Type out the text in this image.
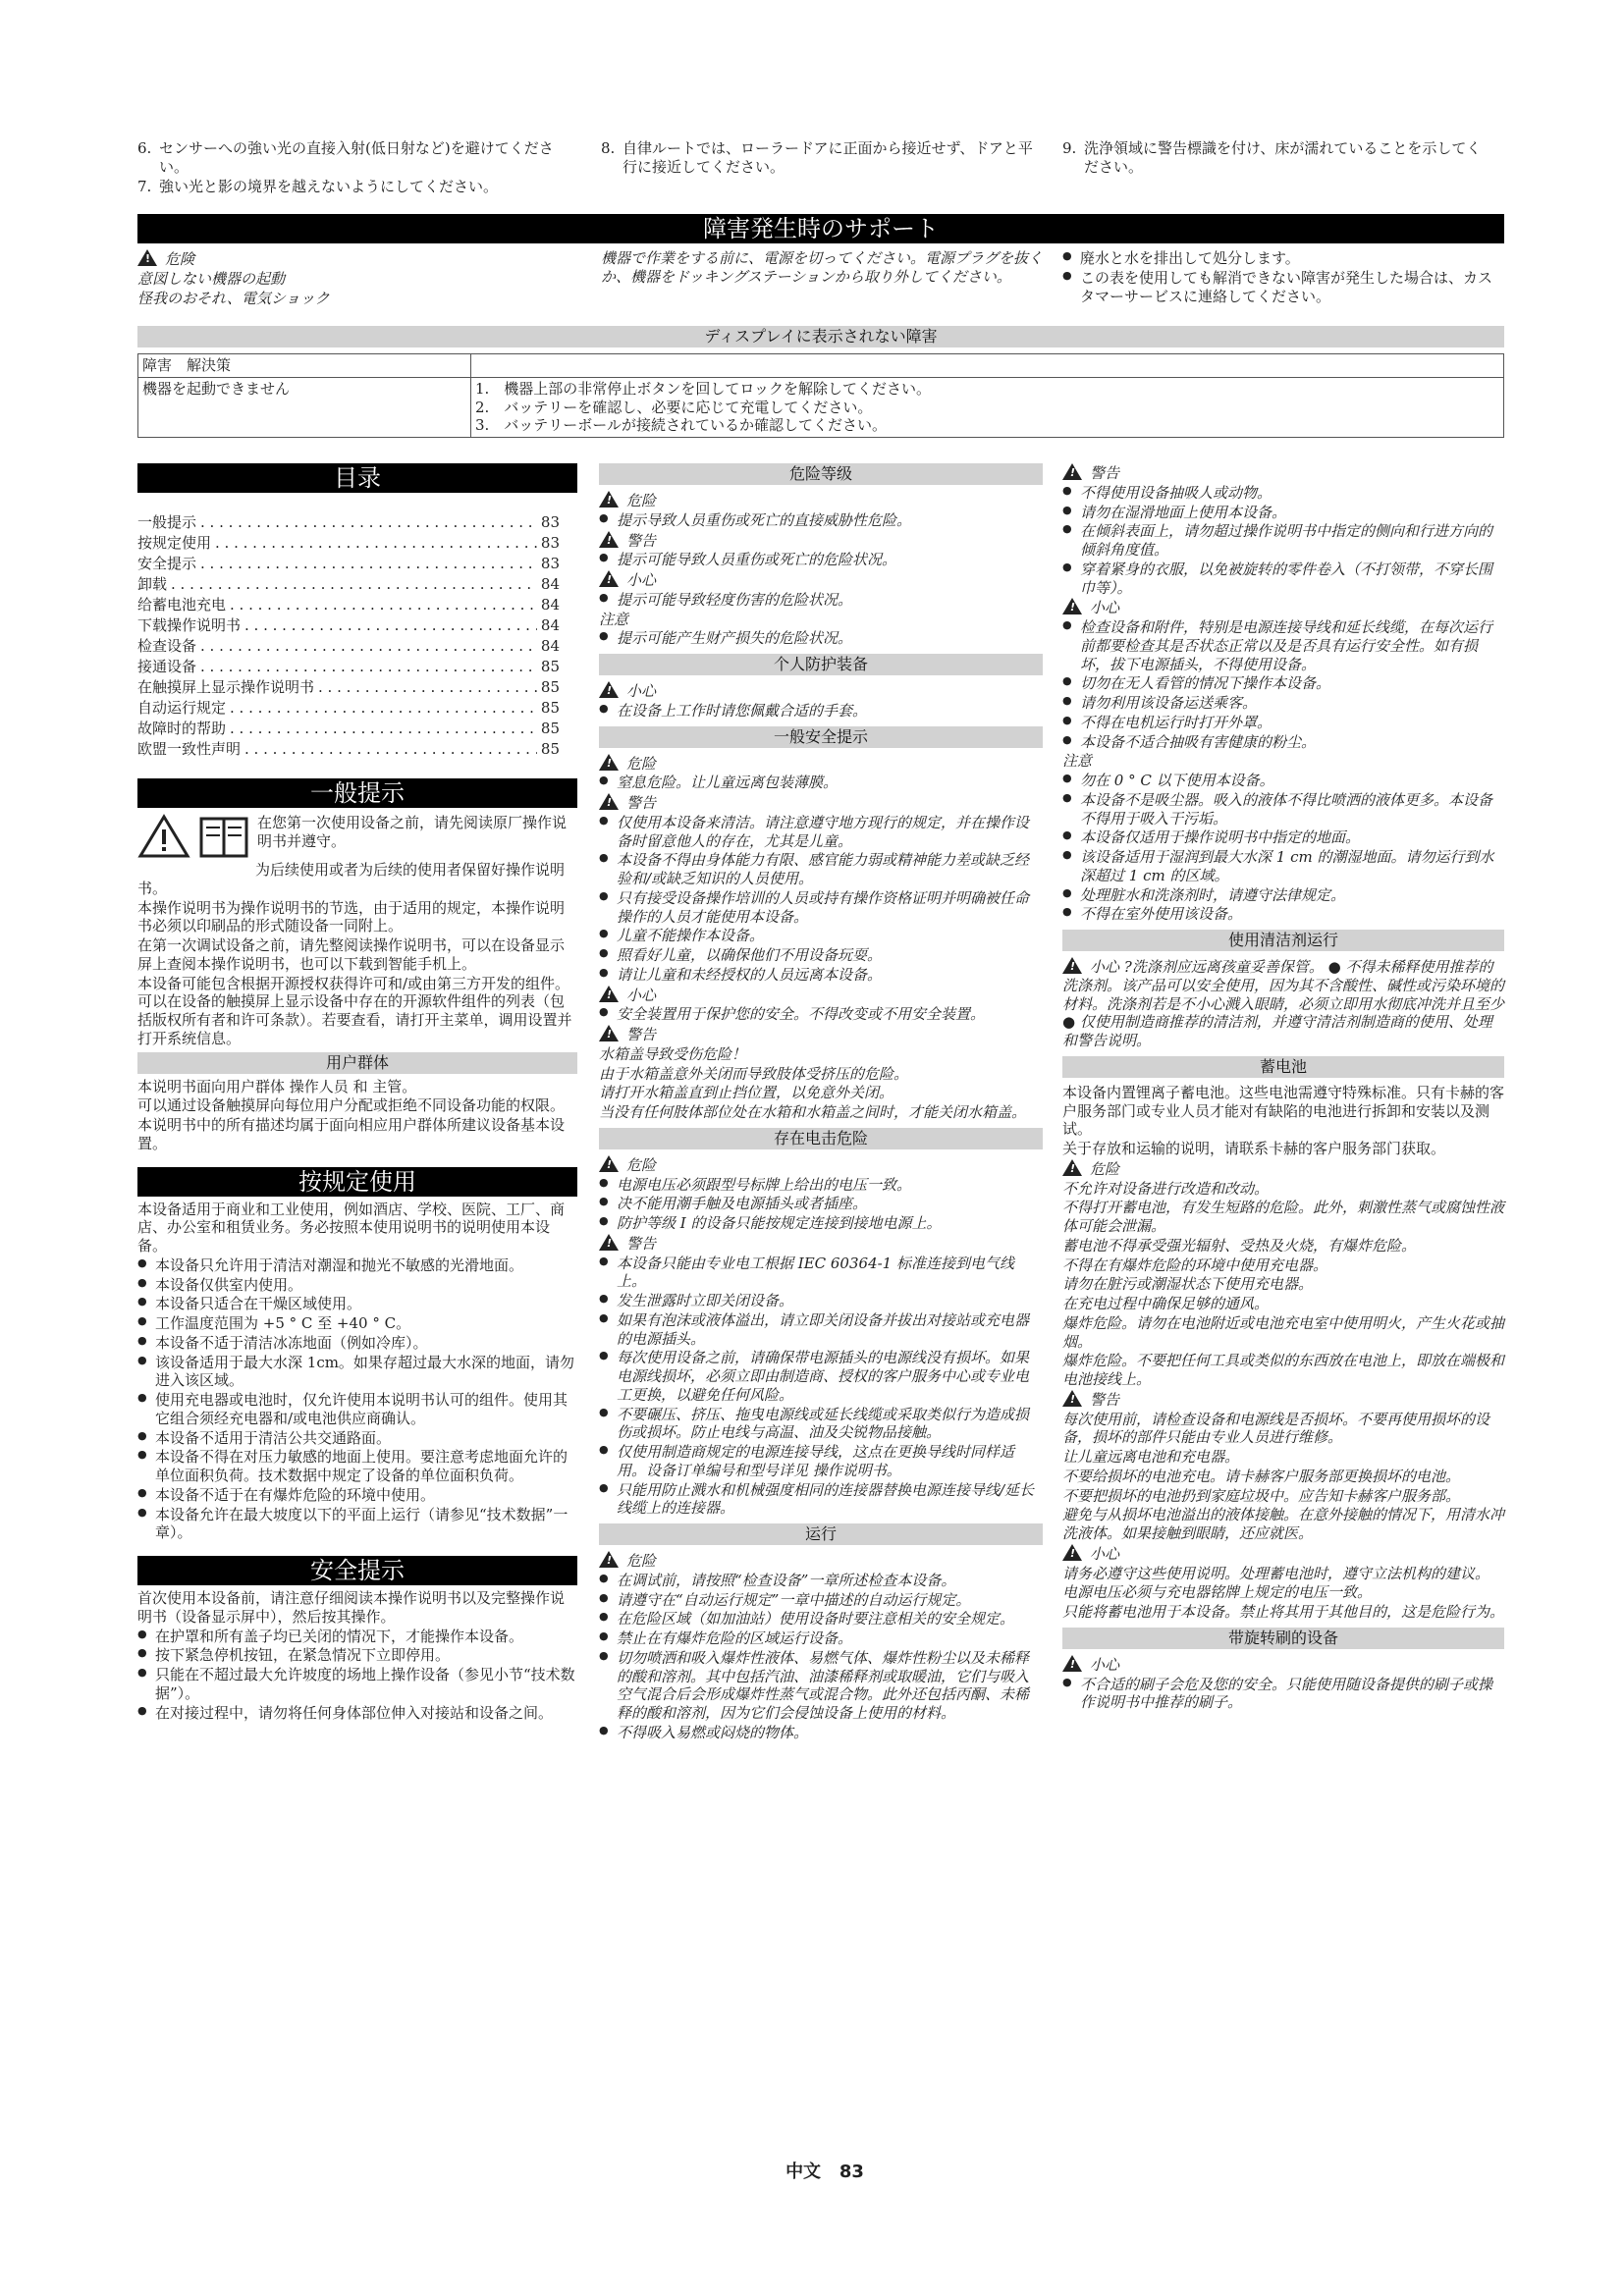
6. センサーへの強い光の直接入射(低日射など)を避けてください。
7. 強い光と影の境界を越えないようにしてください。
8. 自律ルートでは、ローラードアに正面から接近せず、ドアと平行に接近してください。
9. 洗浄領域に警告標識を付け、床が濡れていることを示してください。
障害発生時のサポート
!危険
意図しない機器の起動
怪我のおそれ、電気ショック
機器で作業をする前に、電源を切ってください。電源プラグを抜くか、機器をドッキングステーションから取り外してください。
● 廃水と水を排出して処分します。
● この表を使用しても解消できない障害が発生した場合は、カスタマーサービスに連絡してください。
ディスプレイに表示されない障害
障害　解決策	
機器を起動できません	1.　機器上部の非常停止ボタンを回してロックを解除してください。
2.　バッテリーを確認し、必要に応じて充電してください。
3.　バッテリーボールが接続されているか確認してください。
目录
一般提示 . . .	83
按规定使用 . . .	83
安全提示 . . .	83
卸载 . . .	84
给蓄电池充电 . . .	84
下载操作说明书 . . .	84
检查设备 . . .	84
接通设备 . . .	85
在触摸屏上显示操作说明书 . . .	85
自动运行规定 . . .	85
故障时的帮助 . . .	85
欧盟一致性声明 . . .	85
一般提示
在您第一次使用设备之前，请先阅读原厂操作说明书并遵守。

为后续使用或者为后续的使用者保留好操作说明书。

本操作说明书为操作说明书的节选，由于适用的规定，本操作说明书必须以印刷品的形式随设备一同附上。

在第一次调试设备之前，请先整阅读操作说明书，可以在设备显示屏上查阅本操作说明书，也可以下载到智能手机上。

本设备可能包含根据开源授权获得许可和/或由第三方开发的组件。可以在设备的触摸屏上显示设备中存在的开源软件组件的列表（包括版权所有者和许可条款）。若要查看，请打开主菜单，调用设置并打开系统信息。

用户群体

本说明书面向用户群体 操作人员 和 主管。

可以通过设备触摸屏向每位用户分配或拒绝不同设备功能的权限。

本说明书中的所有描述均属于面向相应用户群体所建议设备基本设置。

按规定使用

本设备适用于商业和工业使用，例如酒店、学校、医院、工厂、商店、办公室和租赁业务。务必按照本使用说明书的说明使用本设备。

● 本设备只允许用于清洁对潮湿和抛光不敏感的光滑地面。
● 本设备仅供室内使用。
● 本设备只适合在干燥区域使用。
● 工作温度范围为 +5 ° C 至 +40 ° C。
● 本设备不适于清洁冰冻地面（例如冷库）。
● 该设备适用于最大水深 1cm。如果存超过最大水深的地面，请勿进入该区域。
● 使用充电器或电池时，仅允许使用本说明书认可的组件。使用其它组合须经充电器和/或电池供应商确认。
● 本设备不适用于清洁公共交通路面。
● 本设备不得在对压力敏感的地面上使用。要注意考虑地面允许的单位面积负荷。技术数据中规定了设备的单位面积负荷。
● 本设备不适于在有爆炸危险的环境中使用。
● 本设备允许在最大坡度以下的平面上运行（请参见“技术数据”一章）。
安全提示

首次使用本设备前，请注意仔细阅读本操作说明书以及完整操作说明书（设备显示屏中），然后按其操作。

● 在护罩和所有盖子均已关闭的情况下，才能操作本设备。
● 按下紧急停机按钮，在紧急情况下立即停用。
● 只能在不超过最大允许坡度的场地上操作设备（参见小节“技术数据”）。
● 在对接过程中，请勿将任何身体部位伸入对接站和设备之间。
危险等级
!危险
● 提示导致人员重伤或死亡的直接威胁性危险。
!警告
● 提示可能导致人员重伤或死亡的危险状况。
!小心
● 提示可能导致轻度伤害的危险状况。
注意
● 提示可能产生财产损失的危险状况。
个人防护装备
!小心
● 在设备上工作时请您佩戴合适的手套。
一般安全提示
!危险
● 窒息危险。让儿童远离包装薄膜。
!警告
● 仅使用本设备来清洁。请注意遵守地方现行的规定，并在操作设备时留意他人的存在，尤其是儿童。
● 本设备不得由身体能力有限、感官能力弱或精神能力差或缺乏经验和/或缺乏知识的人员使用。
● 只有接受设备操作培训的人员或持有操作资格证明并明确被任命操作的人员才能使用本设备。
● 儿童不能操作本设备。
● 照看好儿童，以确保他们不用设备玩耍。
● 请让儿童和未经授权的人员远离本设备。
!小心
● 安全装置用于保护您的安全。不得改变或不用安全装置。
!警告
水箱盖导致受伤危险！
由于水箱盖意外关闭而导致肢体受挤压的危险。
请打开水箱盖直到止挡位置，以免意外关闭。
当没有任何肢体部位处在水箱和水箱盖之间时，才能关闭水箱盖。
存在电击危险
!危险
● 电源电压必须跟型号标牌上给出的电压一致。
● 决不能用潮手触及电源插头或者插座。
● 防护等级 I 的设备只能按规定连接到接地电源上。
!警告
● 本设备只能由专业电工根据 IEC 60364-1 标准连接到电气线上。
● 发生泄露时立即关闭设备。
● 如果有泡沫或液体溢出，请立即关闭设备并拔出对接站或充电器的电源插头。
● 每次使用设备之前，请确保带电源插头的电源线没有损坏。如果电源线损坏，必须立即由制造商、授权的客户服务中心或专业电工更换，以避免任何风险。
● 不要碾压、挤压、拖曳电源线或延长线缆或采取类似行为造成损伤或损坏。防止电线与高温、油及尖锐物品接触。
● 仅使用制造商规定的电源连接导线，这点在更换导线时同样适用。设备订单编号和型号详见 操作说明书。
● 只能用防止溅水和机械强度相同的连接器替换电源连接导线/延长线缆上的连接器。
运行
!危险
● 在调试前，请按照“检查设备”一章所述检查本设备。
● 请遵守在“自动运行规定”一章中描述的自动运行规定。
● 在危险区域（如加油站）使用设备时要注意相关的安全规定。
● 禁止在有爆炸危险的区域运行设备。
● 切勿喷洒和吸入爆炸性液体、易燃气体、爆炸性粉尘以及未稀释的酸和溶剂。其中包括汽油、油漆稀释剂或取暖油，它们与吸入空气混合后会形成爆炸性蒸气或混合物。此外还包括丙酮、未稀释的酸和溶剂，因为它们会侵蚀设备上使用的材料。
● 不得吸入易燃或闷烧的物体。
!警告
● 不得使用设备抽吸人或动物。
● 请勿在湿滑地面上使用本设备。
● 在倾斜表面上，请勿超过操作说明书中指定的侧向和行进方向的倾斜角度值。
● 穿着紧身的衣服，以免被旋转的零件卷入（不打领带，不穿长围巾等）。
!小心
● 检查设备和附件，特别是电源连接导线和延长线缆，在每次运行前都要检查其是否状态正常以及是否具有运行安全性。如有损坏，拔下电源插头，不得使用设备。
● 切勿在无人看管的情况下操作本设备。
● 请勿利用该设备运送乘客。
● 不得在电机运行时打开外罩。
● 本设备不适合抽吸有害健康的粉尘。
注意
● 勿在 0 ° C 以下使用本设备。
● 本设备不是吸尘器。吸入的液体不得比喷洒的液体更多。本设备不得用于吸入干污垢。
● 本设备仅适用于操作说明书中指定的地面。
● 该设备适用于湿润到最大水深 1 cm 的潮湿地面。请勿运行到水深超过 1 cm 的区域。
● 处理脏水和洗涤剂时，请遵守法律规定。
● 不得在室外使用该设备。
使用清洁剂运行
!小心 ?洗涤剂应远离孩童妥善保管。 ● 不得未稀释使用推荐的洗涤剂。该产品可以安全使用，因为其不含酸性、碱性或污染环境的材料。洗涤剂若是不小心溅入眼睛，必须立即用水彻底冲洗并且至少 ● 仅使用制造商推荐的清洁剂，并遵守清洁剂制造商的使用、处理和警告说明。
蓄电池

本设备内置锂离子蓄电池。这些电池需遵守特殊标准。只有卡赫的客户服务部门或专业人员才能对有缺陷的电池进行拆卸和安装以及测试。

关于存放和运输的说明，请联系卡赫的客户服务部门获取。

!危险
不允许对设备进行改造和改动。
不得打开蓄电池，有发生短路的危险。此外，刺激性蒸气或腐蚀性液体可能会泄漏。
蓄电池不得承受强光辐射、受热及火烧，有爆炸危险。
不得在有爆炸危险的环境中使用充电器。
请勿在脏污或潮湿状态下使用充电器。
在充电过程中确保足够的通风。
爆炸危险。请勿在电池附近或电池充电室中使用明火，产生火花或抽烟。
爆炸危险。不要把任何工具或类似的东西放在电池上，即放在端极和电池接线上。
!警告
每次使用前，请检查设备和电源线是否损坏。不要再使用损坏的设备，损坏的部件只能由专业人员进行维修。
让儿童远离电池和充电器。
不要给损坏的电池充电。请卡赫客户服务部更换损坏的电池。
不要把损坏的电池扔到家庭垃圾中。应告知卡赫客户服务部。
避免与从损坏电池溢出的液体接触。在意外接触的情况下，用清水冲洗液体。如果接触到眼睛，还应就医。
!小心
请务必遵守这些使用说明。处理蓄电池时，遵守立法机构的建议。
电源电压必须与充电器铭牌上规定的电压一致。
只能将蓄电池用于本设备。禁止将其用于其他目的，这是危险行为。
带旋转刷的设备
!小心
● 不合适的刷子会危及您的安全。只能使用随设备提供的刷子或操作说明书中推荐的刷子。
中文 83
